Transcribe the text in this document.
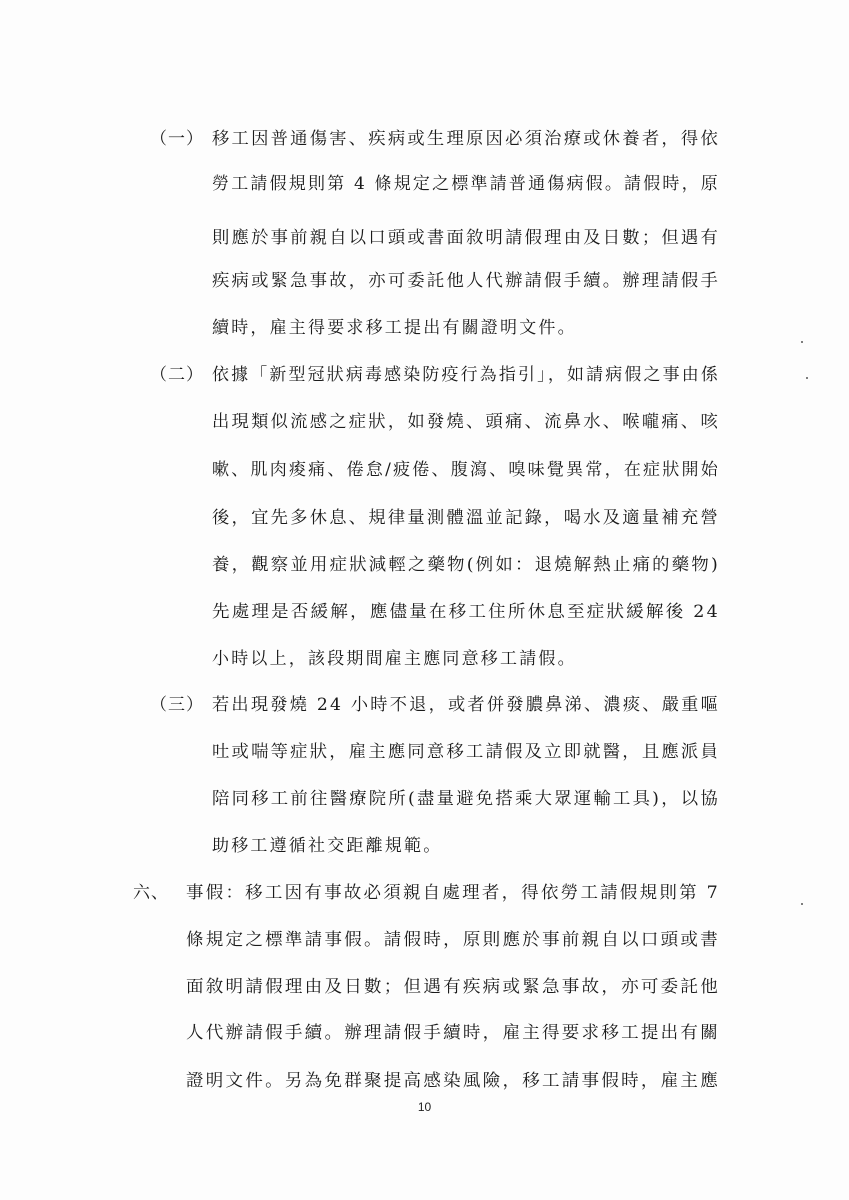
（一） 移工因普通傷害、疾病或生理原因必須治療或休養者，得依
勞工請假規則第 4 條規定之標準請普通傷病假。請假時，原
則應於事前親自以口頭或書面敘明請假理由及日數；但遇有
疾病或緊急事故，亦可委託他人代辦請假手續。辦理請假手
續時，雇主得要求移工提出有關證明文件。
（二） 依據「新型冠狀病毒感染防疫行為指引」，如請病假之事由係
出現類似流感之症狀，如發燒、頭痛、流鼻水、喉嚨痛、咳
嗽、肌肉痠痛、倦怠/疲倦、腹瀉、嗅味覺異常，在症狀開始
後，宜先多休息、規律量測體溫並記錄，喝水及適量補充營
養，觀察並用症狀減輕之藥物(例如：退燒解熱止痛的藥物)
先處理是否緩解，應儘量在移工住所休息至症狀緩解後 24
小時以上，該段期間雇主應同意移工請假。
（三） 若出現發燒 24 小時不退，或者併發膿鼻涕、濃痰、嚴重嘔
吐或喘等症狀，雇主應同意移工請假及立即就醫，且應派員
陪同移工前往醫療院所(盡量避免搭乘大眾運輸工具)，以協
助移工遵循社交距離規範。
六、 事假：移工因有事故必須親自處理者，得依勞工請假規則第 7
條規定之標準請事假。請假時，原則應於事前親自以口頭或書
面敘明請假理由及日數；但遇有疾病或緊急事故，亦可委託他
人代辦請假手續。辦理請假手續時，雇主得要求移工提出有關
證明文件。另為免群聚提高感染風險，移工請事假時，雇主應
10
